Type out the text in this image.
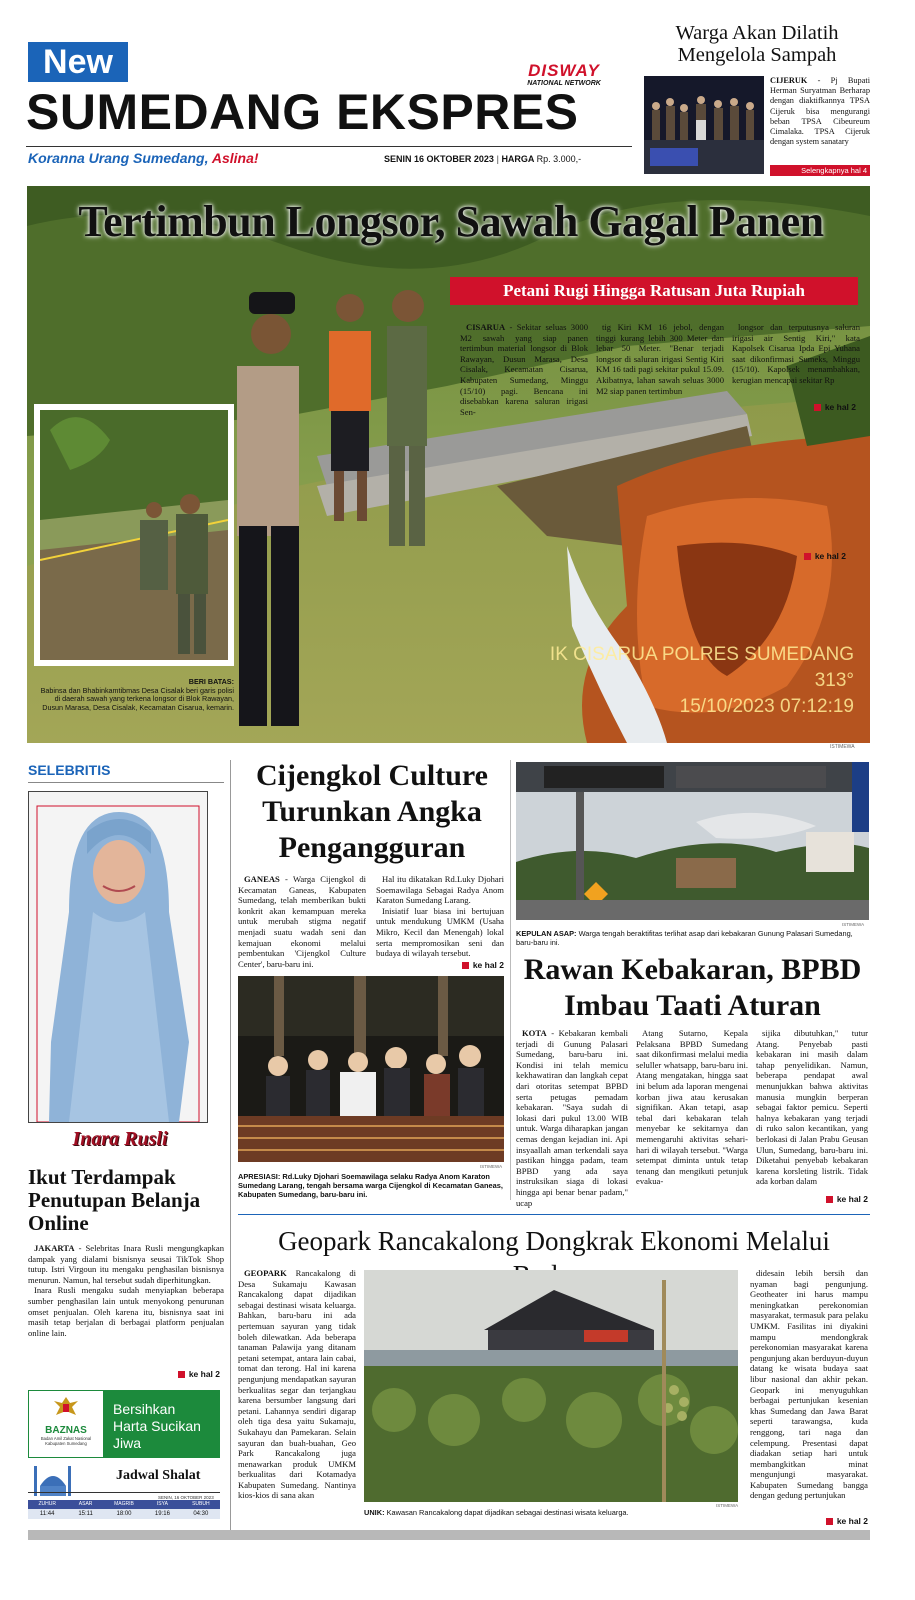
New	DISWAY
NATIONAL NETWORK
SUMEDANG EKSPRES
Koranna Urang Sumedang, Aslina!	SENIN 16 OKTOBER 2023 | HARGA Rp. 3.000,-
Warga Akan Dilatih Mengelola Sampah
CIJERUK - Pj Bupati Herman Suryatman Berharap dengan diaktifkannya TPSA Cijeruk bisa mengurangi beban TPSA Cibeureum Cimalaka. TPSA Cijeruk dengan system sanatary
Selengkapnya hal 4
Tertimbun Longsor, Sawah Gagal Panen
Petani Rugi Hingga Ratusan Juta Rupiah

CISARUA - Sekitar seluas 3000 M2 sawah yang siap panen tertimbun material longsor di Blok Rawayan, Dusun Marasa, Desa Cisalak, Kecamatan Cisarua, Kabupaten Sumedang, Minggu (15/10) pagi. Bencana ini disebabkan karena saluran irigasi Sen-

tig Kiri KM 16 jebol, dengan tinggi kurang lebih 300 Meter dan lebar 50 Meter. "Benar terjadi longsor di saluran irigasi Sentig Kiri KM 16 tadi pagi sekitar pukul 15.09. Akibatnya, lahan sawah seluas 3000 M2 siap panen tertimbun

longsor dan terputusnya saluran irigasi air Sentig Kiri," kata Kapolsek Cisarua Ipda Epi Yuhana saat dikonfirmasi Sumeks, Minggu (15/10). Kapolsek menambahkan, kerugian mencapai sekitar Rp

ke hal 2
ke hal 2
IK CISARUA POLRES SUMEDANG
313°
15/10/2023 07:12:19
BERI BATAS:
Babinsa dan Bhabinkamtibmas Desa Cisalak beri garis polisi di daerah sawah yang terkena longsor di Blok Rawayan, Dusun Marasa, Desa Cisalak, Kecamatan Cisarua, kemarin.
ISTIMEWA
SELEBRITIS
Inara Rusli
Ikut Terdampak Penutupan Belanja Online

JAKARTA - Selebritas Inara Rusli mengungkapkan dampak yang dialami bisnisnya seusai TikTok Shop tutup. Istri Virgoun itu mengaku penghasilan bisnisnya menurun. Namun, hal tersebut sudah diperhitungkan.

Inara Rusli mengaku sudah menyiapkan beberapa sumber penghasilan lain untuk menyokong penurunan omset penjualan. Oleh karena itu, bisnisnya saat ini masih tetap berjalan di berbagai platform penjualan online lain.

ke hal 2
BAZNAS
Badan Amil Zakat Nasional Kabupaten Sumedang
Bersihkan Harta Sucikan Jiwa
Jadwal Shalat
SENIN, 16 OKTOBER 2023
ZUHUR	ASAR	MAGRIB	ISYA	SUBUH
11:44	15:11	18:00	19:16	04:30
Cijengkol Culture Turunkan Angka Pengangguran

GANEAS - Warga Cijengkol di Kecamatan Ganeas, Kabupaten Sumedang, telah memberikan bukti konkrit akan kemampuan mereka untuk merubah stigma negatif menjadi suatu wadah seni dan kemajuan ekonomi melalui pembentukan 'Cijengkol Culture Center', baru-baru ini.

Hal itu dikatakan Rd.Luky Djohari Soemawilaga Sebagai Radya Anom Karaton Sumedang Larang.

Inisiatif luar biasa ini bertujuan untuk mendukung UMKM (Usaha Mikro, Kecil dan Menengah) lokal serta mempromosikan seni dan budaya di wilayah tersebut.

ke hal 2
ISTIMEWA
APRESIASI: Rd.Luky Djohari Soemawilaga selaku Radya Anom Karaton Sumedang Larang, tengah bersama warga Cijengkol di Kecamatan Ganeas, Kabupaten Sumedang, baru-baru ini.
ISTIMEWA
KEPULAN ASAP: Warga tengah beraktifitas terlihat asap dari kebakaran Gunung Palasari Sumedang, baru-baru ini.
Rawan Kebakaran, BPBD Imbau Taati Aturan

KOTA - Kebakaran kembali terjadi di Gunung Palasari Sumedang, baru-baru ini. Kondisi ini telah memicu kekhawatiran dan langkah cepat dari otoritas setempat BPBD serta petugas pemadam kebakaran. "Saya sudah di lokasi dari pukul 13.00 WIB untuk. Warga diharapkan jangan cemas dengan kejadian ini. Api insyaallah aman terkendali saya pastikan hingga padam, team BPBD yang ada saya instruksikan siaga di lokasi hingga api benar benar padam," ucap

Atang Sutarno, Kepala Pelaksana BPBD Sumedang saat dikonfirmasi melalui media seluller whatsapp, baru-baru ini. Atang mengatakan, hingga saat ini belum ada laporan mengenai korban jiwa atau kerusakan signifikan. Akan tetapi, asap tebal dari kebakaran telah menyebar ke sekitarnya dan memengaruhi aktivitas sehari-hari di wilayah tersebut. "Warga setempat diminta untuk tetap tenang dan mengikuti petunjuk evakua-

sijika dibutuhkan," tutur Atang. Penyebab pasti kebakaran ini masih dalam tahap penyelidikan. Namun, beberapa pendapat awal menunjukkan bahwa aktivitas manusia mungkin berperan sebagai faktor pemicu. Seperti halnya kebakaran yang terjadi di ruko salon kecantikan, yang berlokasi di Jalan Prabu Geusan Ulun, Sumedang, baru-baru ini. Diketahui penyebab kebakaran karena korsleting listrik. Tidak ada korban dalam

ke hal 2
Geopark Rancakalong Dongkrak Ekonomi Melalui

GEOPARK Rancakalong di Desa Sukamaju Kawasan Rancakalong dapat dijadikan sebagai destinasi wisata keluarga. Bahkan, baru-baru ini ada pertemuan sayuran yang tidak boleh dilewatkan. Ada beberapa tanaman Palawija yang ditanam petani setempat, antara lain cabai, tomat dan terong. Hal ini karena pengunjung mendapatkan sayuran berkualitas segar dan terjangkau karena bersumber langsung dari petani. Lahannya sendiri digarap oleh tiga desa yaitu Sukamaju, Sukahayu dan Pamekaran. Selain sayuran dan buah-buahan, Geo Park Rancakalong juga menawarkan produk UMKM berkualitas dari Kotamadya Kabupaten Sumedang. Nantinya kios-kios di sana akan

ISTIMEWA
UNIK: Kawasan Rancakalong dapat dijadikan sebagai destinasi wisata keluarga.

didesain lebih bersih dan nyaman bagi pengunjung. Geotheater ini harus mampu meningkatkan perekonomian masyarakat, termasuk para pelaku UMKM. Fasilitas ini diyakini mampu mendongkrak perekonomian masyarakat karena pengunjung akan berduyun-duyun datang ke wisata budaya saat libur nasional dan akhir pekan. Geopark ini menyuguhkan berbagai pertunjukan kesenian khas Sumedang dan Jawa Barat seperti tarawangsa, kuda renggong, tari naga dan celempung. Presentasi dapat diadakan setiap hari untuk membangkitkan minat mengunjungi masyarakat. Kabupaten Sumedang bangga dengan gedung pertunjukan

ke hal 2
